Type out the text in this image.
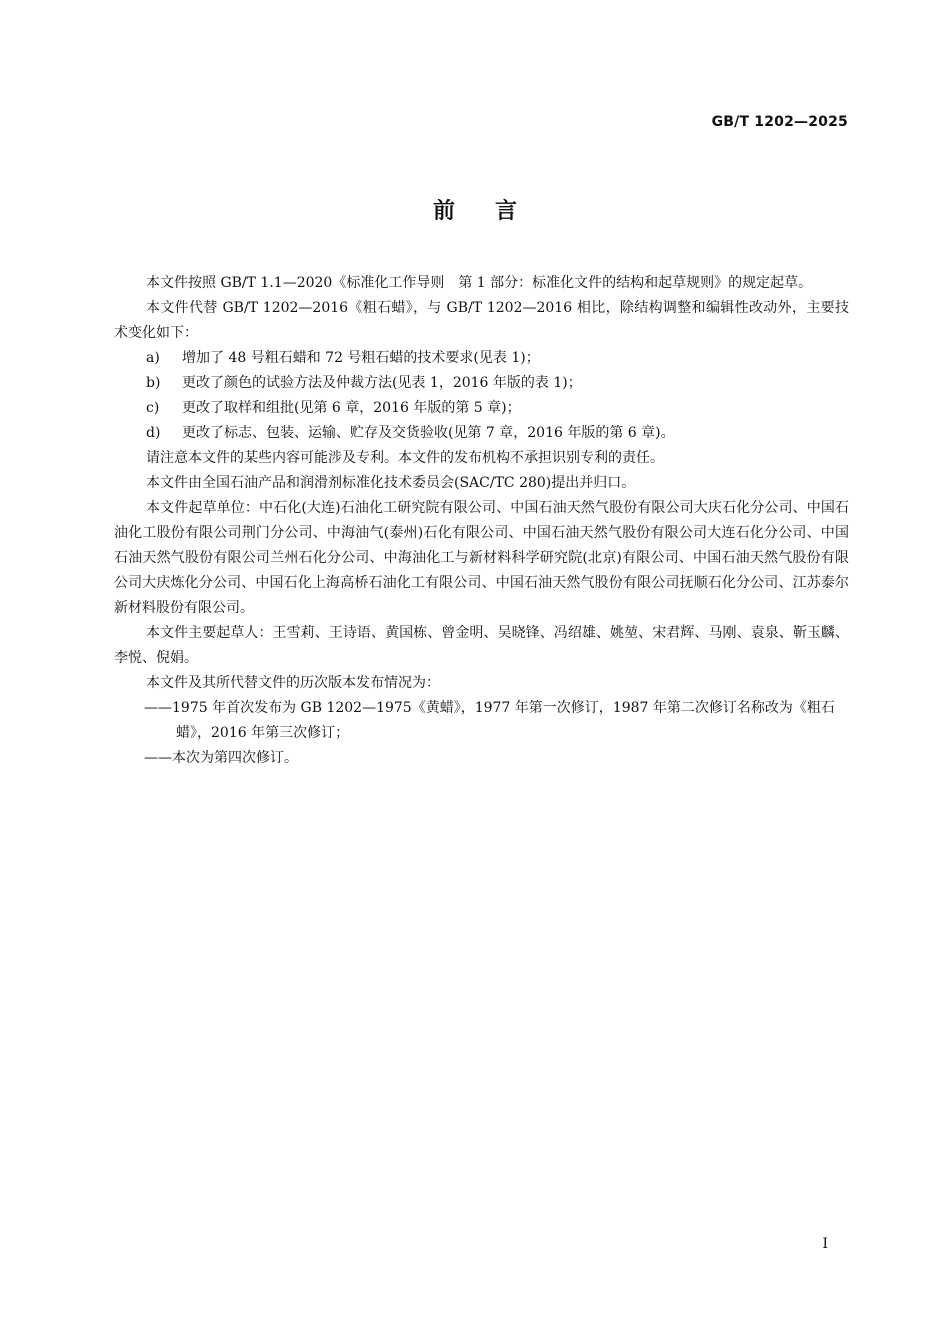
GB/T 1202—2025
前言

本文件按照 GB/T 1.1—2020《标准化工作导则　第 1 部分：标准化文件的结构和起草规则》的规定起草。

本文件代替 GB/T 1202—2016《粗石蜡》，与 GB/T 1202—2016 相比，除结构调整和编辑性改动外，主要技术变化如下：

a)	增加了 48 号粗石蜡和 72 号粗石蜡的技术要求(见表 1)；
b)	更改了颜色的试验方法及仲裁方法(见表 1，2016 年版的表 1)；
c)	更改了取样和组批(见第 6 章，2016 年版的第 5 章)；
d)	更改了标志、包装、运输、贮存及交货验收(见第 7 章，2016 年版的第 6 章)。

请注意本文件的某些内容可能涉及专利。本文件的发布机构不承担识别专利的责任。

本文件由全国石油产品和润滑剂标准化技术委员会(SAC/TC 280)提出并归口。

本文件起草单位：中石化(大连)石油化工研究院有限公司、中国石油天然气股份有限公司大庆石化分公司、中国石油化工股份有限公司荆门分公司、中海油气(泰州)石化有限公司、中国石油天然气股份有限公司大连石化分公司、中国石油天然气股份有限公司兰州石化分公司、中海油化工与新材料科学研究院(北京)有限公司、中国石油天然气股份有限公司大庆炼化分公司、中国石化上海高桥石油化工有限公司、中国石油天然气股份有限公司抚顺石化分公司、江苏泰尔新材料股份有限公司。

本文件主要起草人：王雪莉、王诗语、黄国栋、曾金明、吴晓锋、冯绍雄、姚堃、宋君辉、马刚、袁泉、靳玉麟、李悦、倪娟。

本文件及其所代替文件的历次版本发布情况为：

——1975 年首次发布为 GB 1202—1975《黄蜡》，1977 年第一次修订，1987 年第二次修订名称改为《粗石蜡》，2016 年第三次修订；

——本次为第四次修订。

I
